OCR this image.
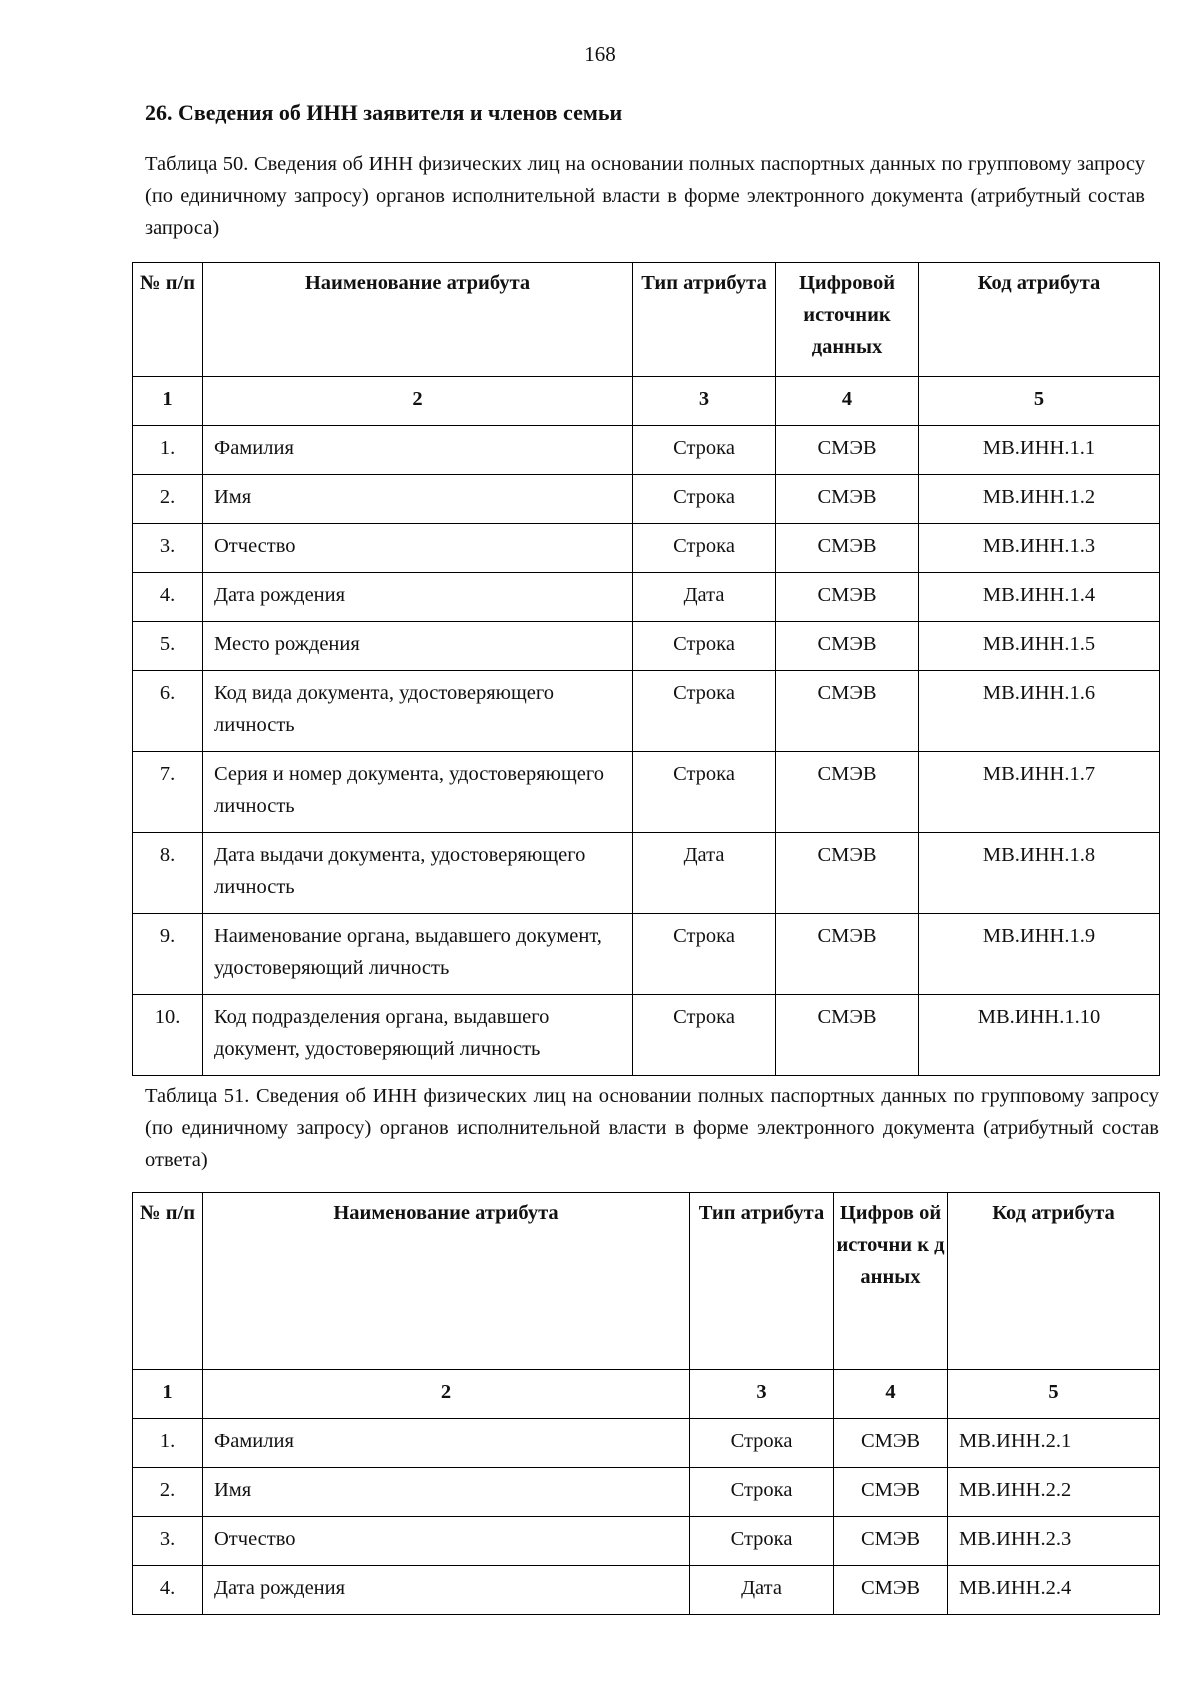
168
26. Сведения об ИНН заявителя и членов семьи
Таблица 50. Сведения об ИНН физических лиц на основании полных паспортных данных по групповому запросу (по единичному запросу) органов исполнительной власти в форме электронного документа (атрибутный состав запроса)
№ п/п	Наименование атрибута	Тип атрибута	Цифровой источник данных	Код атрибута
1	2	3	4	5
1.	Фамилия	Строка	СМЭВ	МВ.ИНН.1.1
2.	Имя	Строка	СМЭВ	МВ.ИНН.1.2
3.	Отчество	Строка	СМЭВ	МВ.ИНН.1.3
4.	Дата рождения	Дата	СМЭВ	МВ.ИНН.1.4
5.	Место рождения	Строка	СМЭВ	МВ.ИНН.1.5
6.	Код вида документа, удостоверяющего личность	Строка	СМЭВ	МВ.ИНН.1.6
7.	Серия и номер документа, удостоверяющего личность	Строка	СМЭВ	МВ.ИНН.1.7
8.	Дата выдачи документа, удостоверяющего личность	Дата	СМЭВ	МВ.ИНН.1.8
9.	Наименование органа, выдавшего документ, удостоверяющий личность	Строка	СМЭВ	МВ.ИНН.1.9
10.	Код подразделения органа, выдавшего документ, удостоверяющий личность	Строка	СМЭВ	МВ.ИНН.1.10
Таблица 51. Сведения об ИНН физических лиц на основании полных паспортных данных по групповому запросу (по единичному запросу) органов исполнительной власти в форме электронного документа (атрибутный состав ответа)
№ п/п	Наименование атрибута	Тип атрибута	Цифров ой источни к данных	Код атрибута
1	2	3	4	5
1.	Фамилия	Строка	СМЭВ	МВ.ИНН.2.1
2.	Имя	Строка	СМЭВ	МВ.ИНН.2.2
3.	Отчество	Строка	СМЭВ	МВ.ИНН.2.3
4.	Дата рождения	Дата	СМЭВ	МВ.ИНН.2.4
